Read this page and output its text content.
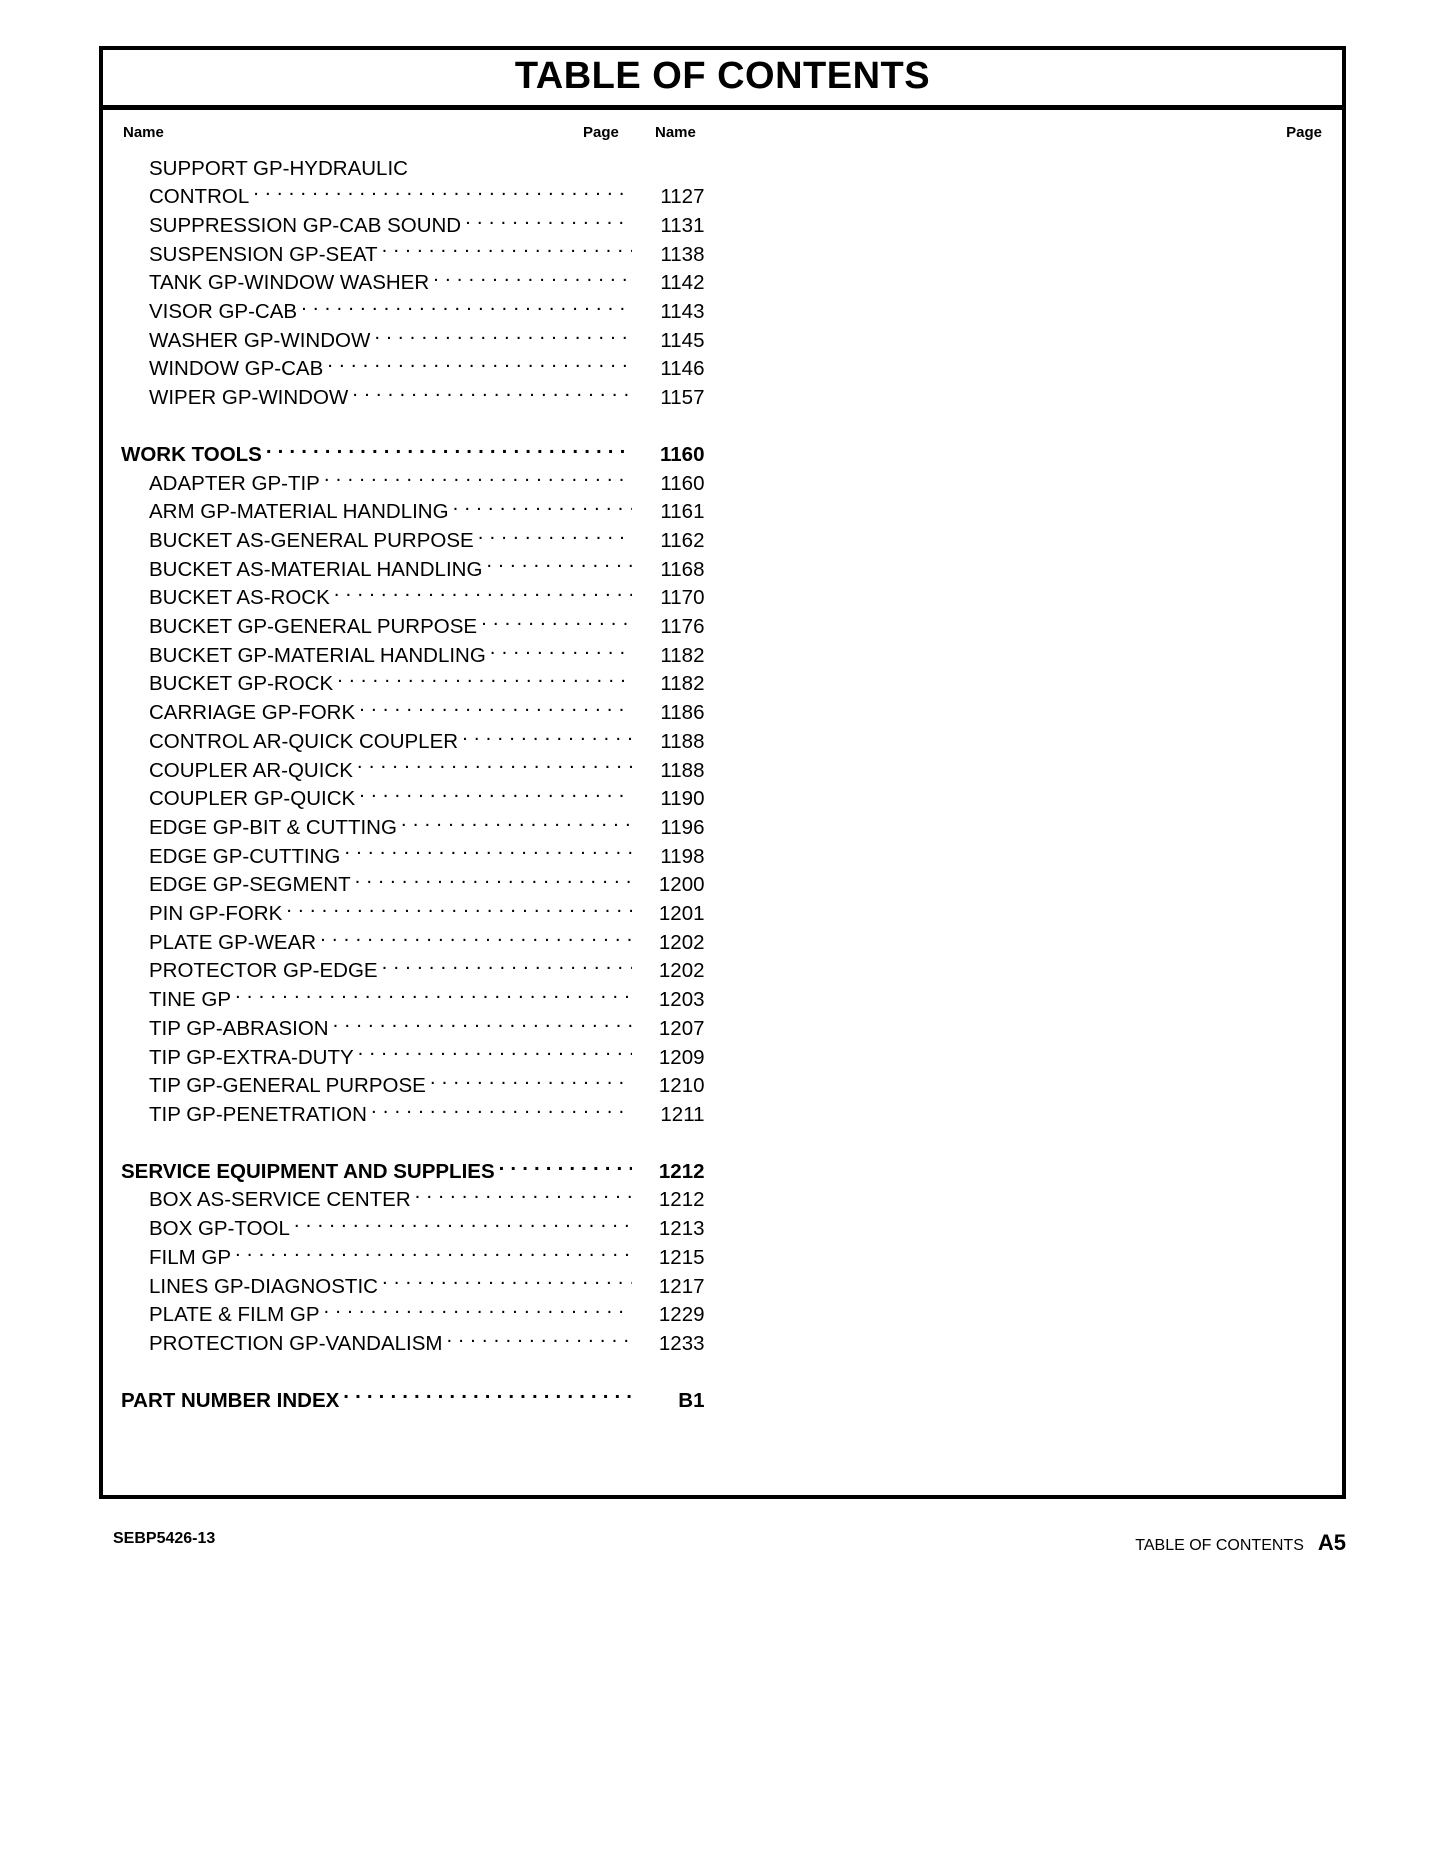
TABLE OF CONTENTS
Name	Page Name	Page
SUPPORT GP-HYDRAULIC
CONTROL . . .	1127
SUPPRESSION GP-CAB SOUND . . .	1131
SUSPENSION GP-SEAT . . .	1138
TANK GP-WINDOW WASHER . . .	1142
VISOR GP-CAB . . .	1143
WASHER GP-WINDOW . . .	1145
WINDOW GP-CAB . . .	1146
WIPER GP-WINDOW . . .	1157
WORK TOOLS . . .	1160
ADAPTER GP-TIP . . .	1160
ARM GP-MATERIAL HANDLING . . .	1161
BUCKET AS-GENERAL PURPOSE . . .	1162
BUCKET AS-MATERIAL HANDLING . . .	1168
BUCKET AS-ROCK . . .	1170
BUCKET GP-GENERAL PURPOSE . . .	1176
BUCKET GP-MATERIAL HANDLING . . .	1182
BUCKET GP-ROCK . . .	1182
CARRIAGE GP-FORK . . .	1186
CONTROL AR-QUICK COUPLER . . .	1188
COUPLER AR-QUICK . . .	1188
COUPLER GP-QUICK . . .	1190
EDGE GP-BIT & CUTTING . . .	1196
EDGE GP-CUTTING . . .	1198
EDGE GP-SEGMENT . . .	1200
PIN GP-FORK . . .	1201
PLATE GP-WEAR . . .	1202
PROTECTOR GP-EDGE . . .	1202
TINE GP . . .	1203
TIP GP-ABRASION . . .	1207
TIP GP-EXTRA-DUTY . . .	1209
TIP GP-GENERAL PURPOSE . . .	1210
TIP GP-PENETRATION . . .	1211
SERVICE EQUIPMENT AND SUPPLIES . . .	1212
BOX AS-SERVICE CENTER . . .	1212
BOX GP-TOOL . . .	1213
FILM GP . . .	1215
LINES GP-DIAGNOSTIC . . .	1217
PLATE & FILM GP . . .	1229
PROTECTION GP-VANDALISM . . .	1233
PART NUMBER INDEX . . .	B1
SEBP5426-13	TABLE OF CONTENTS A5
